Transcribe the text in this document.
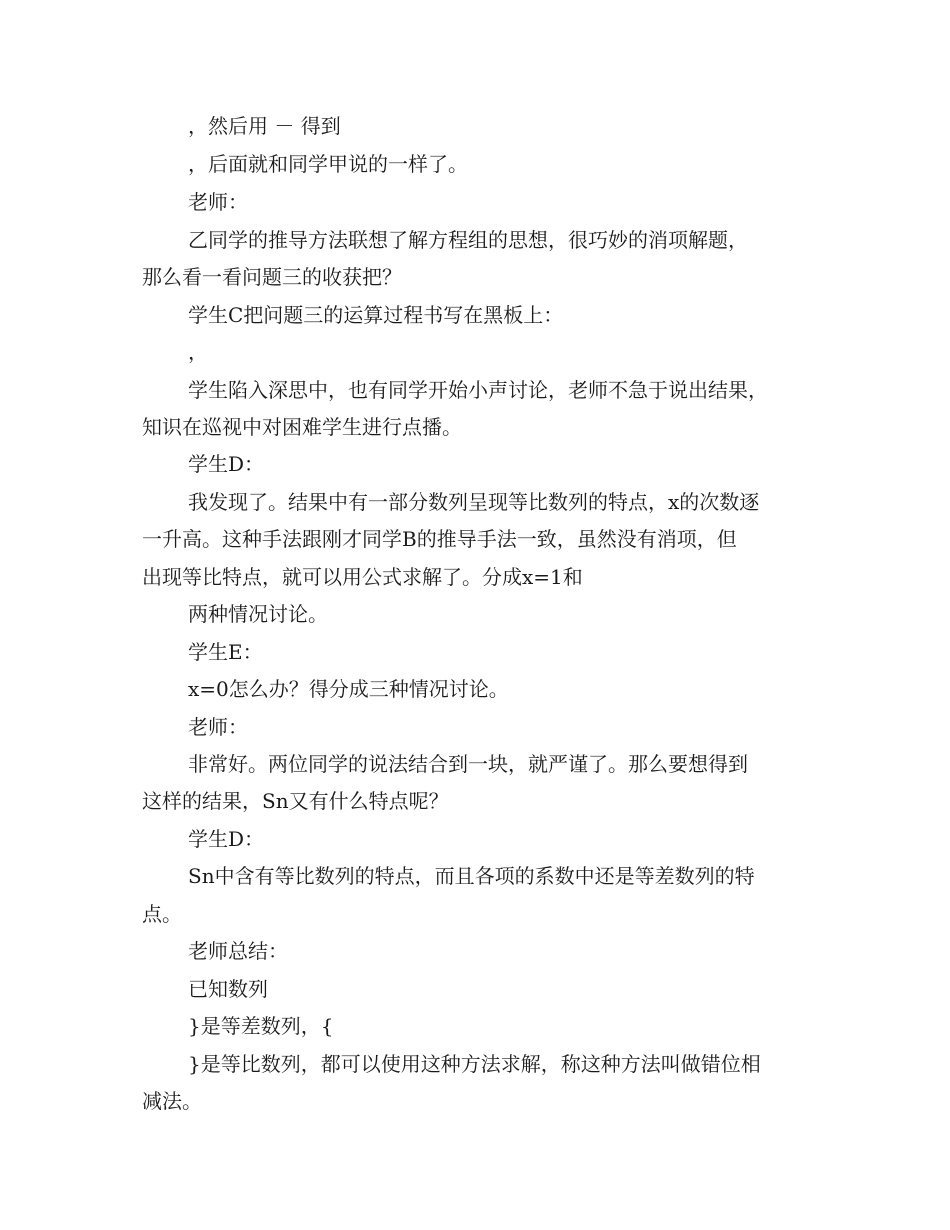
，然后用 － 得到
，后面就和同学甲说的一样了。
老师：
乙同学的推导方法联想了解方程组的思想，很巧妙的消项解题，
那么看一看问题三的收获把？
学生C把问题三的运算过程书写在黑板上：
，
学生陷入深思中，也有同学开始小声讨论，老师不急于说出结果，
知识在巡视中对困难学生进行点播。
学生D：
我发现了。结果中有一部分数列呈现等比数列的特点，x的次数逐
一升高。这种手法跟刚才同学B的推导手法一致，虽然没有消项，但
出现等比特点，就可以用公式求解了。分成x=1和
两种情况讨论。
学生E：
x=0怎么办？得分成三种情况讨论。
老师：
非常好。两位同学的说法结合到一块，就严谨了。那么要想得到
这样的结果，Sn又有什么特点呢？
学生D：
Sn中含有等比数列的特点，而且各项的系数中还是等差数列的特
点。
老师总结：
已知数列
}是等差数列，{
}是等比数列，都可以使用这种方法求解，称这种方法叫做错位相
减法。
